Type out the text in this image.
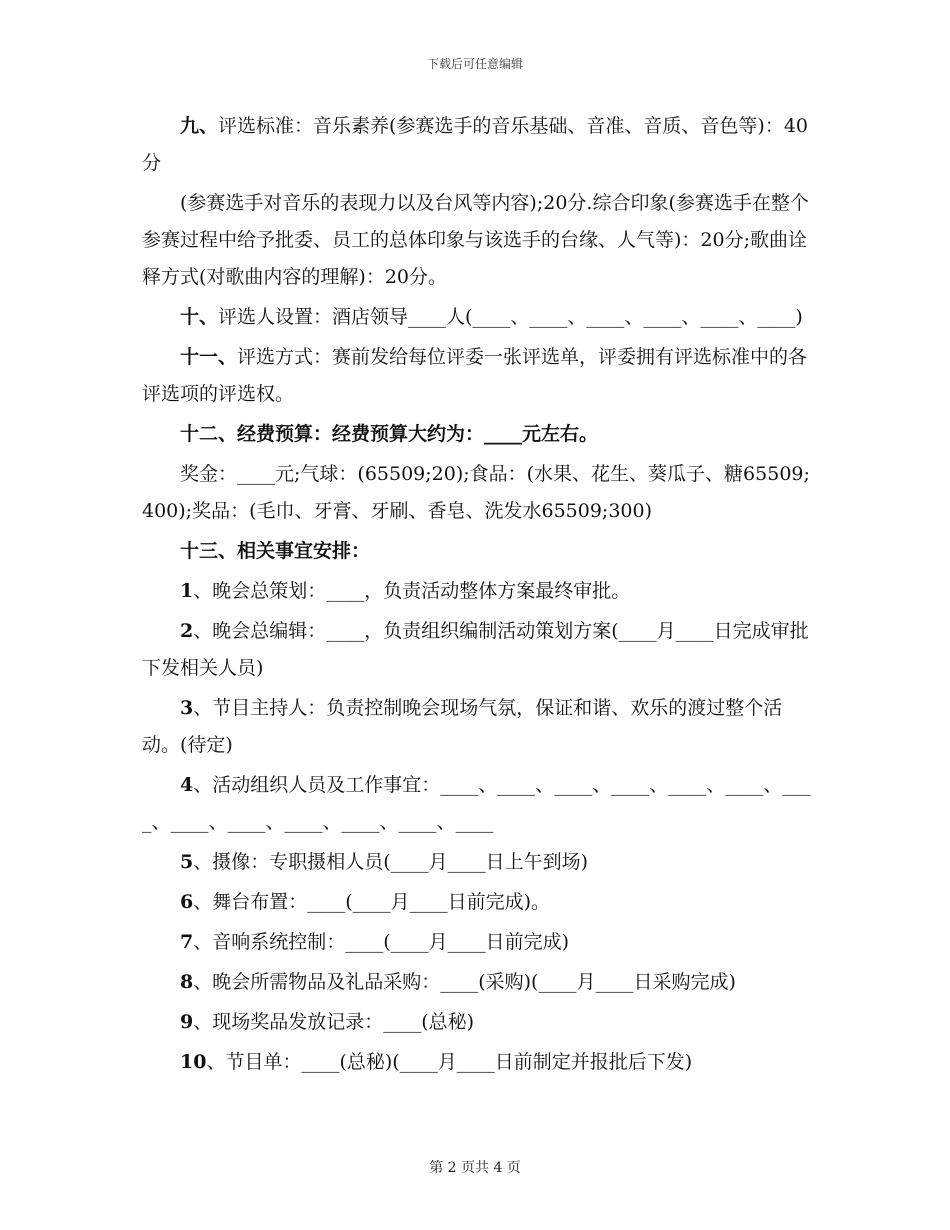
下载后可任意编辑

九、评选标准：音乐素养(参赛选手的音乐基础、音准、音质、音色等)：40分

(参赛选手对音乐的表现力以及台风等内容);20分.综合印象(参赛选手在整个参赛过程中给予批委、员工的总体印象与该选手的台缘、人气等)：20分;歌曲诠释方式(对歌曲内容的理解)：20分。

十、评选人设置：酒店领导____人(____、____、____、____、____、____)

十一、评选方式：赛前发给每位评委一张评选单，评委拥有评选标准中的各评选项的评选权。

十二、经费预算：经费预算大约为：____元左右。

奖金：____元;气球：(65509;20);食品：(水果、花生、葵瓜子、糖65509;400);奖品：(毛巾、牙膏、牙刷、香皂、洗发水65509;300)

十三、相关事宜安排：

1、晚会总策划：____，负责活动整体方案最终审批。

2、晚会总编辑：____，负责组织编制活动策划方案(____月____日完成审批下发相关人员)

3、节目主持人：负责控制晚会现场气氛，保证和谐、欢乐的渡过整个活动。(待定)

4、活动组织人员及工作事宜：____、____、____、____、____、____、____、____、____、____、____、____、____

5、摄像：专职摄相人员(____月____日上午到场)

6、舞台布置：____(____月____日前完成)。

7、音响系统控制：____(____月____日前完成)

8、晚会所需物品及礼品采购：____(采购)(____月____日采购完成)

9、现场奖品发放记录：____(总秘)

10、节目单：____(总秘)(____月____日前制定并报批后下发)

第 2 页共 4 页
